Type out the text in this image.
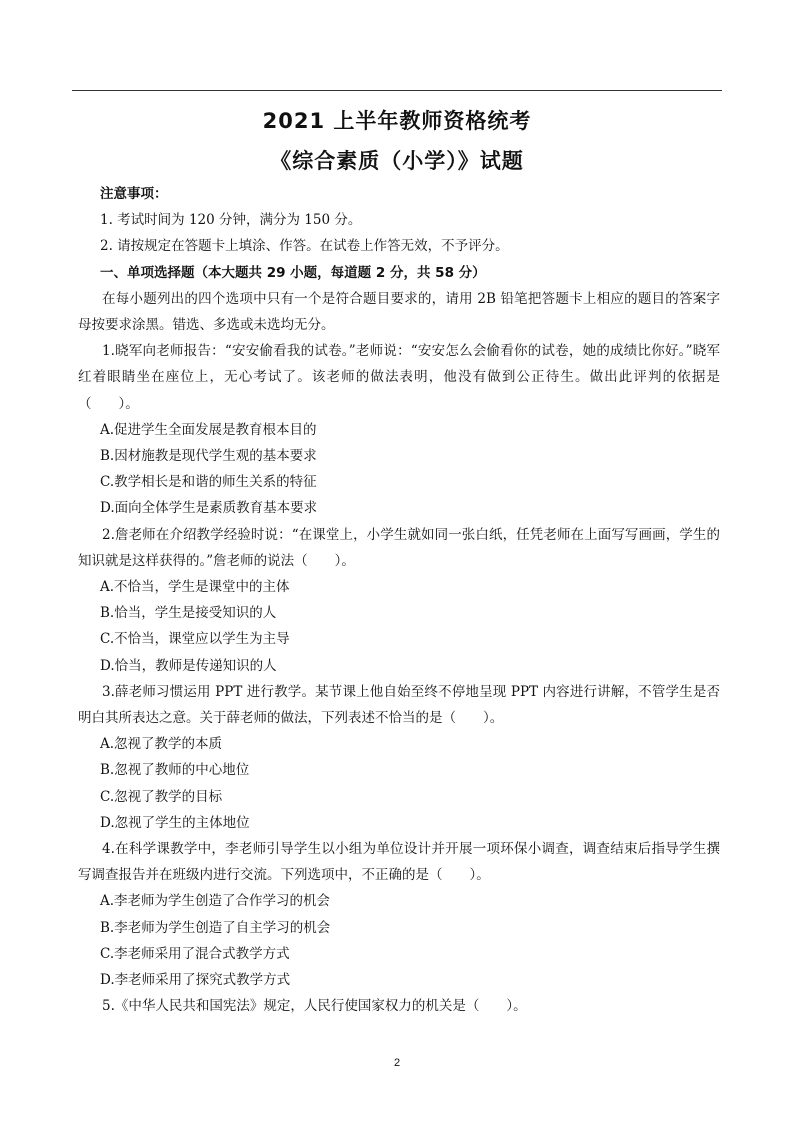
2021 上半年教师资格统考
《综合素质（小学）》试题
注意事项：
1. 考试时间为 120 分钟，满分为 150 分。
2. 请按规定在答题卡上填涂、作答。在试卷上作答无效，不予评分。
一、单项选择题（本大题共 29 小题，每道题 2 分，共 58 分）
在每小题列出的四个选项中只有一个是符合题目要求的，请用 2B 铅笔把答题卡上相应的题目的答案字母按要求涂黑。错选、多选或未选均无分。
1.晓军向老师报告：“安安偷看我的试卷。”老师说：“安安怎么会偷看你的试卷，她的成绩比你好。”晓军红着眼睛坐在座位上，无心考试了。该老师的做法表明，他没有做到公正待生。做出此评判的依据是（　　）。
A.促进学生全面发展是教育根本目的
B.因材施教是现代学生观的基本要求
C.教学相长是和谐的师生关系的特征
D.面向全体学生是素质教育基本要求
2.詹老师在介绍教学经验时说：“在课堂上，小学生就如同一张白纸，任凭老师在上面写写画画，学生的知识就是这样获得的。”詹老师的说法（　　）。
A.不恰当，学生是课堂中的主体
B.恰当，学生是接受知识的人
C.不恰当，课堂应以学生为主导
D.恰当，教师是传递知识的人
3.薛老师习惯运用 PPT 进行教学。某节课上他自始至终不停地呈现 PPT 内容进行讲解，不管学生是否明白其所表达之意。关于薛老师的做法，下列表述不恰当的是（　　）。
A.忽视了教学的本质
B.忽视了教师的中心地位
C.忽视了教学的目标
D.忽视了学生的主体地位
4.在科学课教学中，李老师引导学生以小组为单位设计并开展一项环保小调查，调查结束后指导学生撰写调查报告并在班级内进行交流。下列选项中，不正确的是（　　）。
A.李老师为学生创造了合作学习的机会
B.李老师为学生创造了自主学习的机会
C.李老师采用了混合式教学方式
D.李老师采用了探究式教学方式
5.《中华人民共和国宪法》规定，人民行使国家权力的机关是（　　）。
2
